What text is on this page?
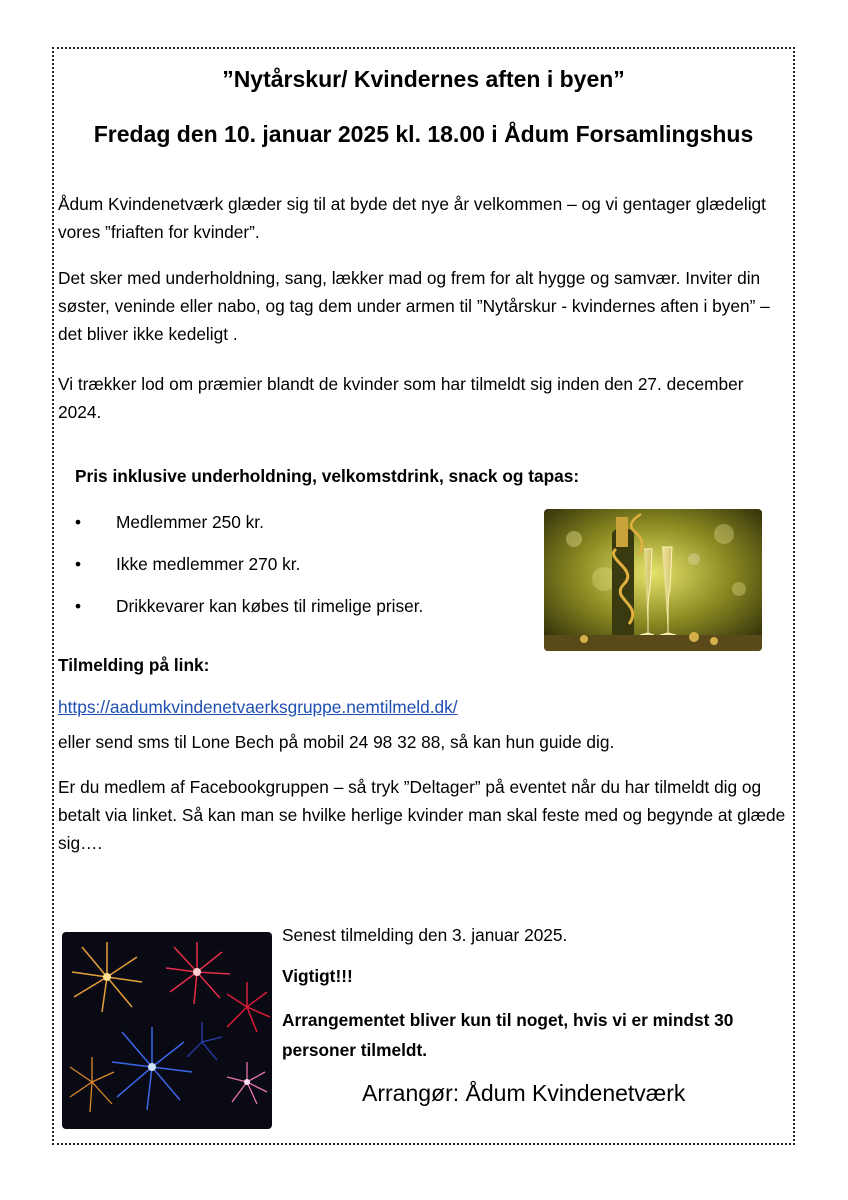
”Nytårskur/ Kvindernes aften i byen”
Fredag den 10. januar 2025 kl. 18.00 i Ådum Forsamlingshus
Ådum Kvindenetværk glæder sig til at byde det nye år velkommen – og vi gentager glædeligt vores ”friaften for kvinder”.
Det sker med underholdning, sang, lækker mad og frem for alt hygge og samvær. Inviter din søster, veninde eller nabo, og tag dem under armen til ”Nytårskur - kvindernes aften i byen” – det bliver ikke kedeligt .
Vi trækker lod om præmier blandt de kvinder som har tilmeldt sig inden den 27. december 2024.
Pris inklusive underholdning, velkomstdrink, snack og tapas:
• Medlemmer 250 kr.
• Ikke medlemmer 270 kr.
• Drikkevarer kan købes til rimelige priser.
Tilmelding på link:
https://aadumkvindenetvaerksgruppe.nemtilmeld.dk/
eller send sms til Lone Bech på mobil 24 98 32 88, så kan hun guide dig.
Er du medlem af Facebookgruppen – så tryk ”Deltager” på eventet når du har tilmeldt dig og betalt via linket. Så kan man se hvilke herlige kvinder man skal feste med og begynde at glæde sig….
Senest tilmelding den 3. januar 2025.
Vigtigt!!!
Arrangementet bliver kun til noget, hvis vi er mindst 30 personer tilmeldt.
Arrangør: Ådum Kvindenetværk
